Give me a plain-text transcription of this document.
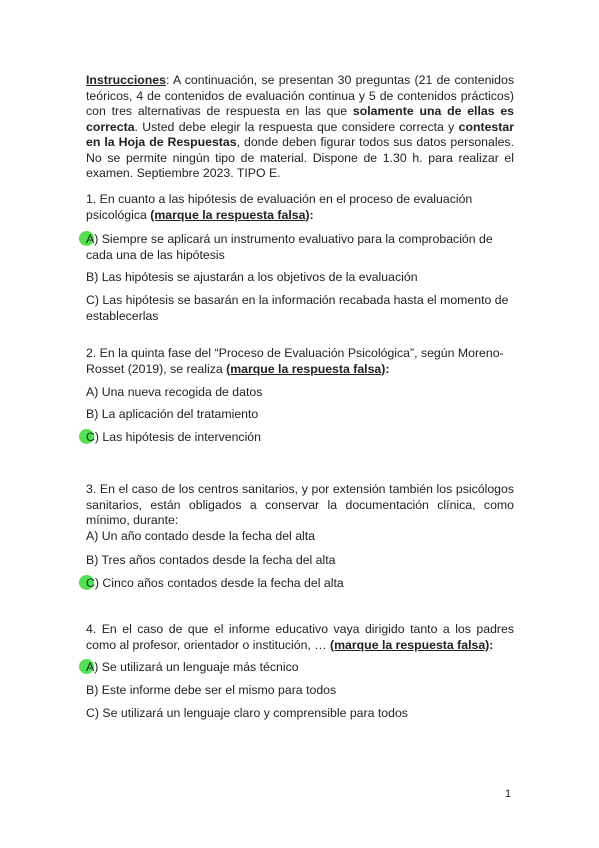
Instrucciones: A continuación, se presentan 30 preguntas (21 de contenidos teóricos, 4 de contenidos de evaluación continua y 5 de contenidos prácticos) con tres alternativas de respuesta en las que solamente una de ellas es correcta. Usted debe elegir la respuesta que considere correcta y contestar en la Hoja de Respuestas, donde deben figurar todos sus datos personales. No se permite ningún tipo de material. Dispone de 1.30 h. para realizar el examen. Septiembre 2023. TIPO E.
1. En cuanto a las hipótesis de evaluación en el proceso de evaluación psicológica (marque la respuesta falsa):
A) Siempre se aplicará un instrumento evaluativo para la comprobación de cada una de las hipótesis
B) Las hipótesis se ajustarán a los objetivos de la evaluación
C) Las hipótesis se basarán en la información recabada hasta el momento de establecerlas
2. En la quinta fase del “Proceso de Evaluación Psicológica”, según Moreno-Rosset (2019), se realiza (marque la respuesta falsa):
A) Una nueva recogida de datos
B) La aplicación del tratamiento
C) Las hipótesis de intervención
3. En el caso de los centros sanitarios, y por extensión también los psicólogos sanitarios, están obligados a conservar la documentación clínica, como mínimo, durante:
A) Un año contado desde la fecha del alta
B) Tres años contados desde la fecha del alta
C) Cinco años contados desde la fecha del alta
4. En el caso de que el informe educativo vaya dirigido tanto a los padres como al profesor, orientador o institución, … (marque la respuesta falsa):
A) Se utilizará un lenguaje más técnico
B) Este informe debe ser el mismo para todos
C) Se utilizará un lenguaje claro y comprensible para todos
1
